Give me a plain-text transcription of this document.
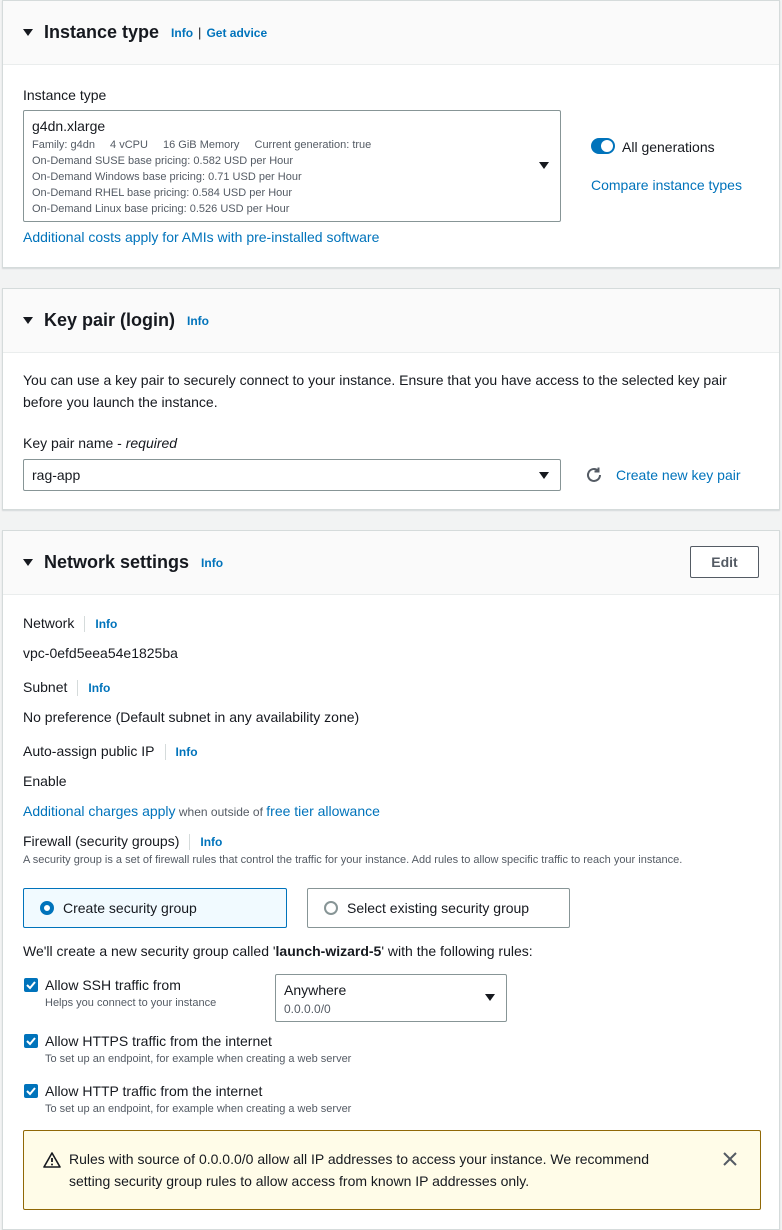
Instance type Info | Get advice
Instance type
g4dn.xlarge
Family: g4dn 4 vCPU 16 GiB Memory Current generation: true
On-Demand SUSE base pricing: 0.582 USD per Hour
On-Demand Windows base pricing: 0.71 USD per Hour
On-Demand RHEL base pricing: 0.584 USD per Hour
On-Demand Linux base pricing: 0.526 USD per Hour
All generations
Compare instance types
Additional costs apply for AMIs with pre-installed software
Key pair (login) Info
You can use a key pair to securely connect to your instance. Ensure that you have access to the selected key pair before you launch the instance.
Key pair name - required
rag-app	Create new key pair
Network settings Info	Edit
Network Info
vpc-0efd5eea54e1825ba
Subnet Info
No preference (Default subnet in any availability zone)
Auto-assign public IP Info
Enable
Additional charges apply when outside of free tier allowance
Firewall (security groups) Info
A security group is a set of firewall rules that control the traffic for your instance. Add rules to allow specific traffic to reach your instance.
Create security group	Select existing security group
We'll create a new security group called 'launch-wizard-5' with the following rules:
Allow SSH traffic from
Helps you connect to your instance
Anywhere
0.0.0.0/0
Allow HTTPS traffic from the internet
To set up an endpoint, for example when creating a web server
Allow HTTP traffic from the internet
To set up an endpoint, for example when creating a web server
Rules with source of 0.0.0.0/0 allow all IP addresses to access your instance. We recommend
setting security group rules to allow access from known IP addresses only.
